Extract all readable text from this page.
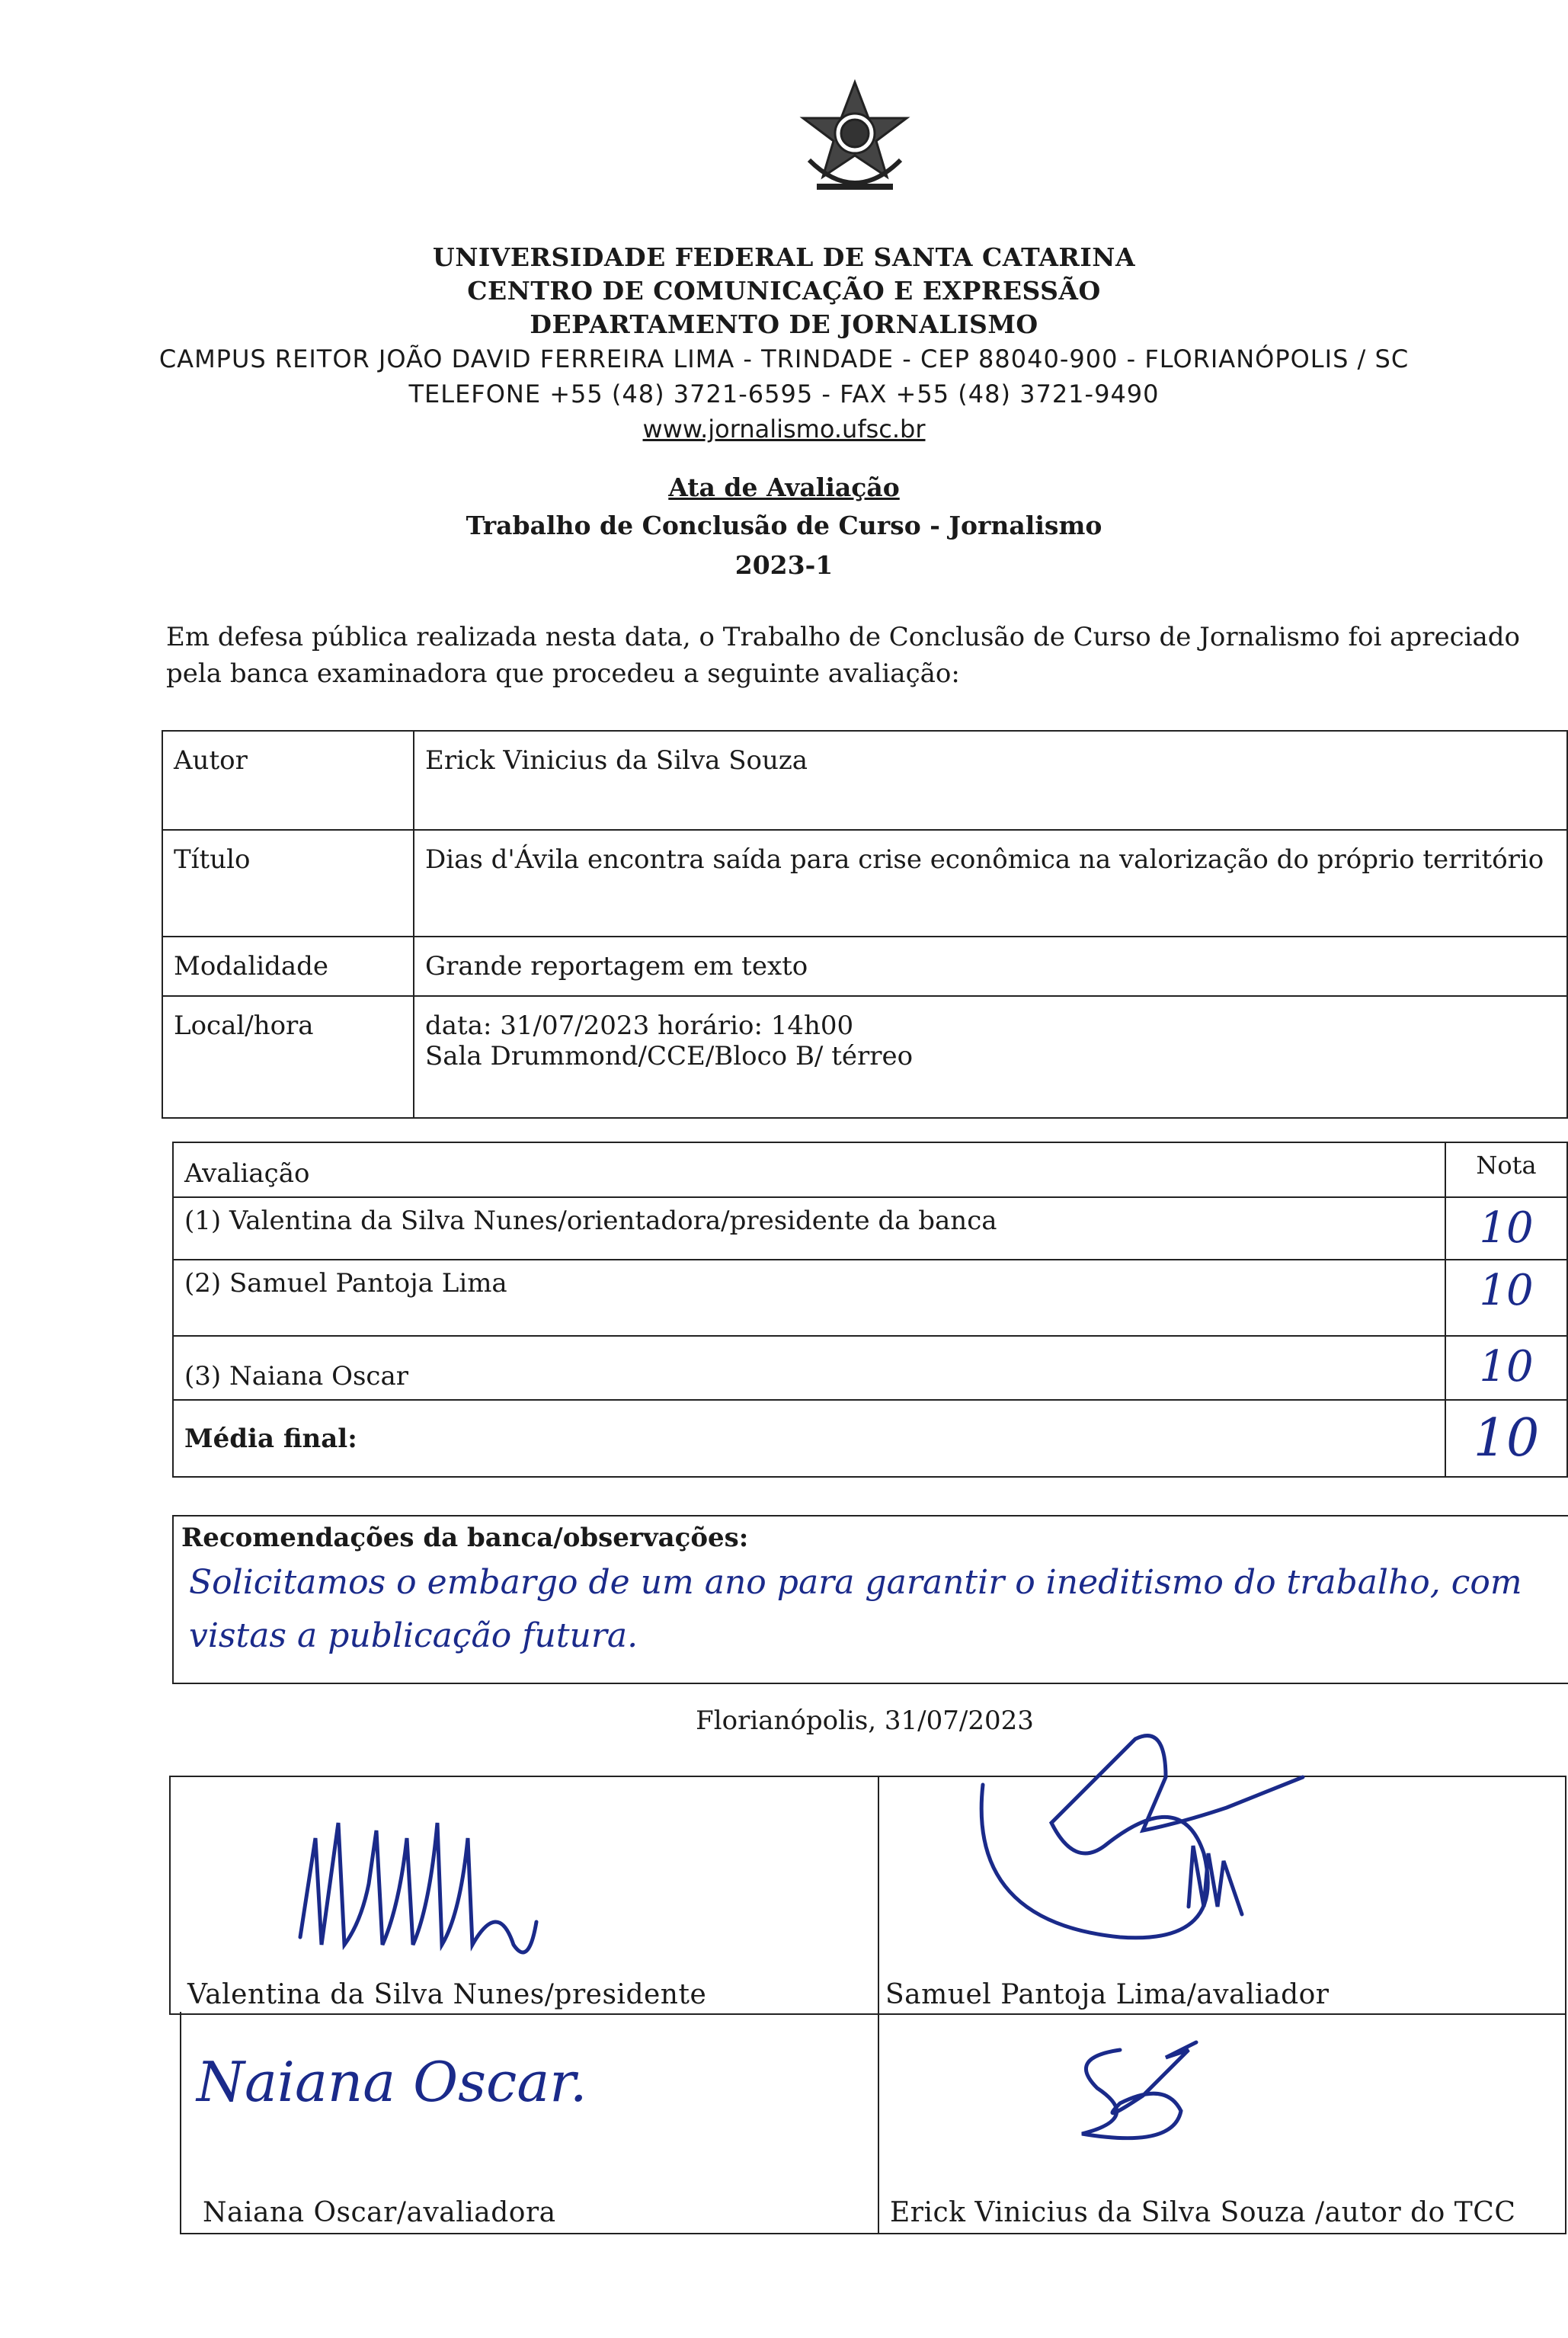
UNIVERSIDADE FEDERAL DE SANTA CATARINA
CENTRO DE COMUNICAÇÃO E EXPRESSÃO
DEPARTAMENTO DE JORNALISMO
CAMPUS REITOR JOÃO DAVID FERREIRA LIMA - TRINDADE - CEP 88040-900 - FLORIANÓPOLIS / SC
TELEFONE +55 (48) 3721-6595 - FAX +55 (48) 3721-9490
www.jornalismo.ufsc.br
Ata de Avaliação
Trabalho de Conclusão de Curso - Jornalismo
2023-1
Em defesa pública realizada nesta data, o Trabalho de Conclusão de Curso de Jornalismo foi apreciado pela banca examinadora que procedeu a seguinte avaliação:
Autor	Erick Vinicius da Silva Souza
Título	Dias d'Ávila encontra saída para crise econômica na valorização do próprio território
Modalidade	Grande reportagem em texto
Local/hora	data: 31/07/2023 horário: 14h00
Sala Drummond/CCE/Bloco B/ térreo
Avaliação	Nota
(1) Valentina da Silva Nunes/orientadora/presidente da banca	10
(2) Samuel Pantoja Lima	10
(3) Naiana Oscar	10
Média final:	10
Recomendações da banca/observações:
Solicitamos o embargo de um ano para garantir o ineditismo do trabalho, com vistas a publicação futura.
Florianópolis, 31/07/2023
Valentina da Silva Nunes/presidente	Samuel Pantoja Lima/avaliador
Naiana Oscar.
Naiana Oscar/avaliadora	Erick Vinicius da Silva Souza /autor do TCC
